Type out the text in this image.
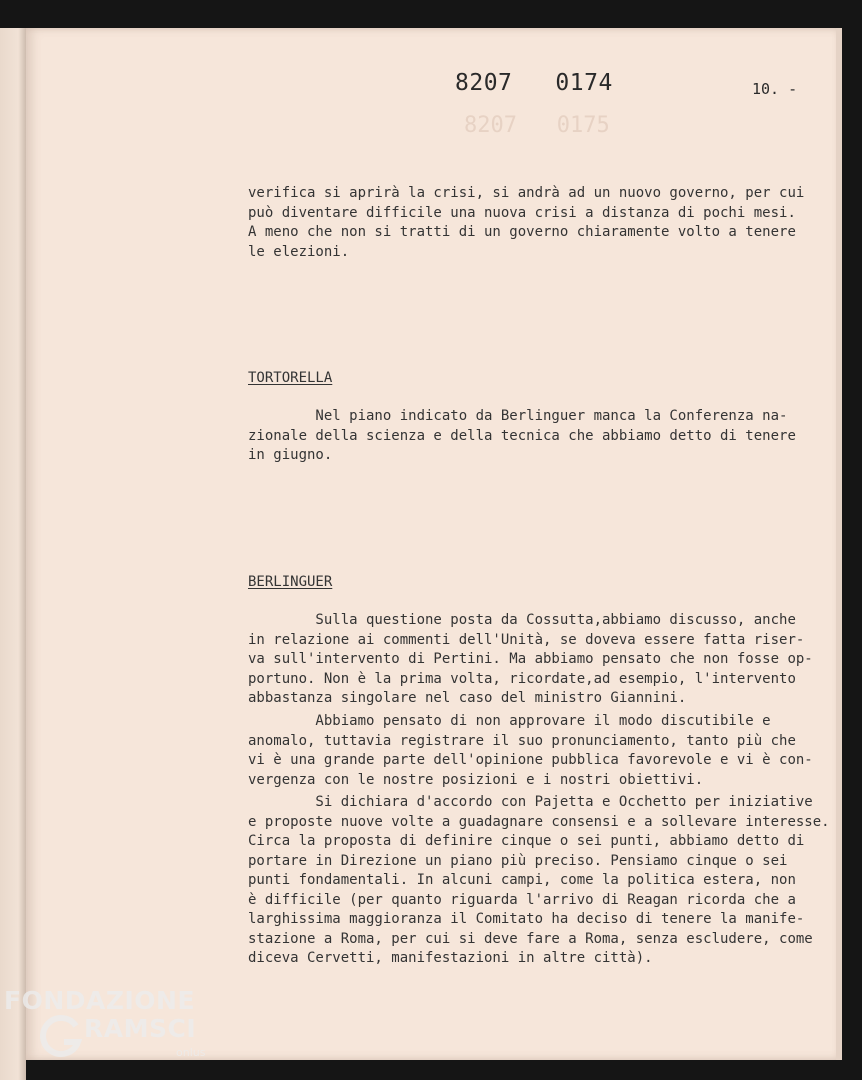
8207   0175
8207   0174	10. -
verifica si aprirà la crisi, si andrà ad un nuovo governo, per cui
può diventare difficile una nuova crisi a distanza di pochi mesi.
A meno che non si tratti di un governo chiaramente volto a tenere
le elezioni.
TORTORELLA
Nel piano indicato da Berlinguer manca la Conferenza na-
zionale della scienza e della tecnica che abbiamo detto di tenere
in giugno.
BERLINGUER
Sulla questione posta da Cossutta,abbiamo discusso, anche
in relazione ai commenti dell'Unità, se doveva essere fatta riser-
va sull'intervento di Pertini. Ma abbiamo pensato che non fosse op-
portuno. Non è la prima volta, ricordate,ad esempio, l'intervento
abbastanza singolare nel caso del ministro Giannini.
Abbiamo pensato di non approvare il modo discutibile e
anomalo, tuttavia registrare il suo pronunciamento, tanto più che
vi è una grande parte dell'opinione pubblica favorevole e vi è con-
vergenza con le nostre posizioni e i nostri obiettivi.
Si dichiara d'accordo con Pajetta e Occhetto per iniziative
e proposte nuove volte a guadagnare consensi e a sollevare interesse.
Circa la proposta di definire cinque o sei punti, abbiamo detto di
portare in Direzione un piano più preciso. Pensiamo cinque o sei
punti fondamentali. In alcuni campi, come la politica estera, non
è difficile (per quanto riguarda l'arrivo di Reagan ricorda che a
larghissima maggioranza il Comitato ha deciso di tenere la manife-
stazione a Roma, per cui si deve fare a Roma, senza escludere, come
diceva Cervetti, manifestazioni in altre città).
FONDAZIONE
RAMSCI
onlus
